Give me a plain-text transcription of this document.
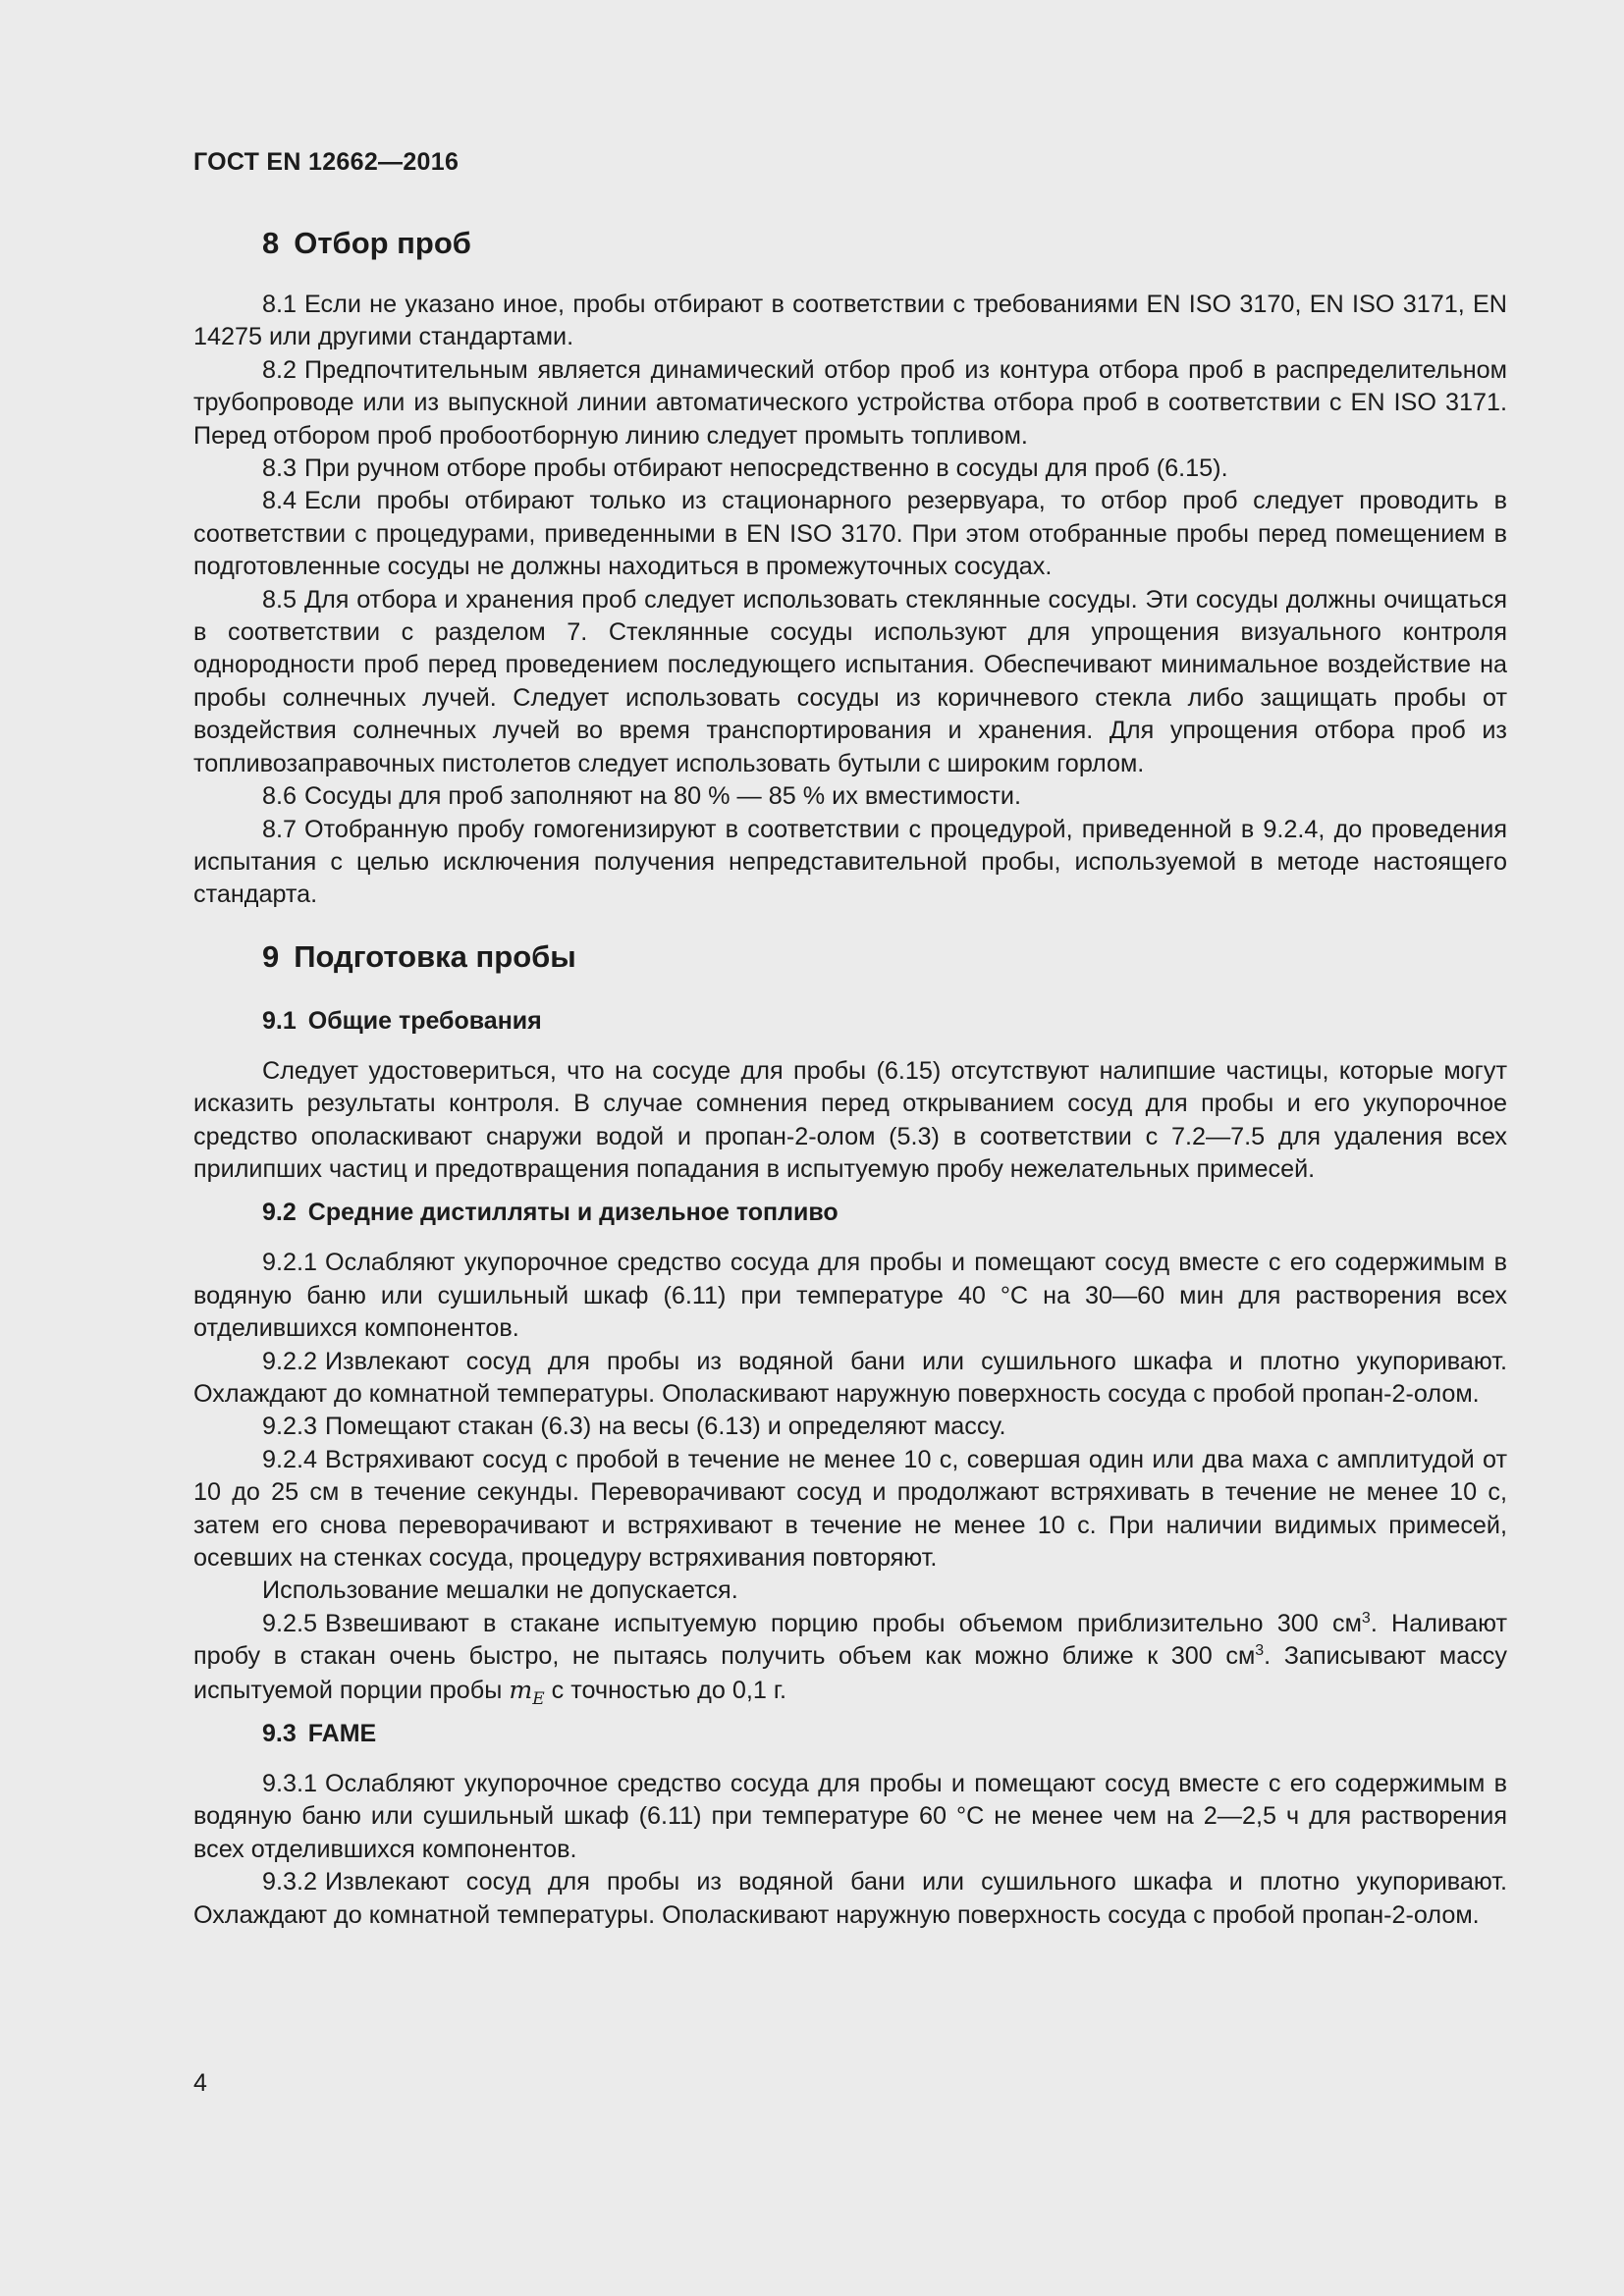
ГОСТ EN 12662—2016
8 Отбор проб

8.1 Если не указано иное, пробы отбирают в соответствии с требованиями EN ISO 3170, EN ISO 3171, EN 14275 или другими стандартами.

8.2 Предпочтительным является динамический отбор проб из контура отбора проб в распределительном трубопроводе или из выпускной линии автоматического устройства отбора проб в соответствии с EN ISO 3171. Перед отбором проб пробоотборную линию следует промыть топливом.

8.3 При ручном отборе пробы отбирают непосредственно в сосуды для проб (6.15).

8.4 Если пробы отбирают только из стационарного резервуара, то отбор проб следует проводить в соответствии с процедурами, приведенными в EN ISO 3170. При этом отобранные пробы перед помещением в подготовленные сосуды не должны находиться в промежуточных сосудах.

8.5 Для отбора и хранения проб следует использовать стеклянные сосуды. Эти сосуды должны очищаться в соответствии с разделом 7. Стеклянные сосуды используют для упрощения визуального контроля однородности проб перед проведением последующего испытания. Обеспечивают минимальное воздействие на пробы солнечных лучей. Следует использовать сосуды из коричневого стекла либо защищать пробы от воздействия солнечных лучей во время транспортирования и хранения. Для упрощения отбора проб из топливозаправочных пистолетов следует использовать бутыли с широким горлом.

8.6 Сосуды для проб заполняют на 80 % — 85 % их вместимости.

8.7 Отобранную пробу гомогенизируют в соответствии с процедурой, приведенной в 9.2.4, до проведения испытания с целью исключения получения непредставительной пробы, используемой в методе настоящего стандарта.

9 Подготовка пробы
9.1 Общие требования

Следует удостовериться, что на сосуде для пробы (6.15) отсутствуют налипшие частицы, которые могут исказить результаты контроля. В случае сомнения перед открыванием сосуд для пробы и его укупорочное средство ополаскивают снаружи водой и пропан-2-олом (5.3) в соответствии с 7.2—7.5 для удаления всех прилипших частиц и предотвращения попадания в испытуемую пробу нежелательных примесей.

9.2 Средние дистилляты и дизельное топливо

9.2.1 Ослабляют укупорочное средство сосуда для пробы и помещают сосуд вместе с его содержимым в водяную баню или сушильный шкаф (6.11) при температуре 40 °С на 30—60 мин для растворения всех отделившихся компонентов.

9.2.2 Извлекают сосуд для пробы из водяной бани или сушильного шкафа и плотно укупоривают. Охлаждают до комнатной температуры. Ополаскивают наружную поверхность сосуда с пробой пропан-2-олом.

9.2.3 Помещают стакан (6.3) на весы (6.13) и определяют массу.

9.2.4 Встряхивают сосуд с пробой в течение не менее 10 с, совершая один или два маха с амплитудой от 10 до 25 см в течение секунды. Переворачивают сосуд и продолжают встряхивать в течение не менее 10 с, затем его снова переворачивают и встряхивают в течение не менее 10 с. При наличии видимых примесей, осевших на стенках сосуда, процедуру встряхивания повторяют.

Использование мешалки не допускается.

9.2.5 Взвешивают в стакане испытуемую порцию пробы объемом приблизительно 300 $см^3$. Наливают пробу в стакан очень быстро, не пытаясь получить объем как можно ближе к 300 $см^3$. Записывают массу испытуемой порции пробы $m_E$ с точностью до 0,1 г.

9.3 FAME

9.3.1 Ослабляют укупорочное средство сосуда для пробы и помещают сосуд вместе с его содержимым в водяную баню или сушильный шкаф (6.11) при температуре 60 °С не менее чем на 2—2,5 ч для растворения всех отделившихся компонентов.

9.3.2 Извлекают сосуд для пробы из водяной бани или сушильного шкафа и плотно укупоривают. Охлаждают до комнатной температуры. Ополаскивают наружную поверхность сосуда с пробой пропан-2-олом.

4
